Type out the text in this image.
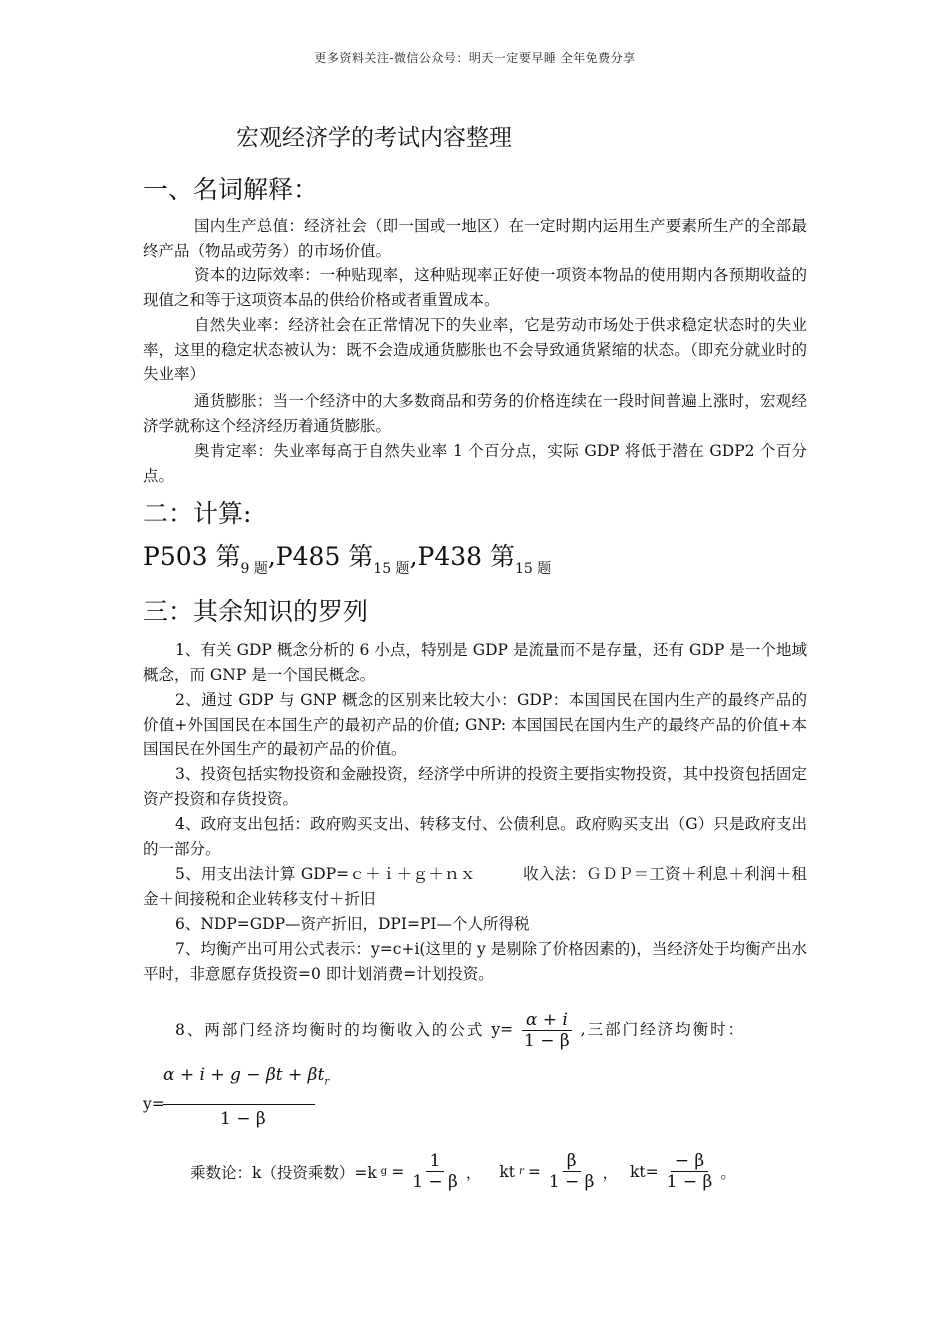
更多资料关注-微信公众号：明天一定要早睡 全年免费分享
宏观经济学的考试内容整理
一、名词解释：
国内生产总值：经济社会（即一国或一地区）在一定时期内运用生产要素所生产的全部最终产品（物品或劳务）的市场价值。
资本的边际效率：一种贴现率，这种贴现率正好使一项资本物品的使用期内各预期收益的现值之和等于这项资本品的供给价格或者重置成本。
自然失业率：经济社会在正常情况下的失业率，它是劳动市场处于供求稳定状态时的失业率，这里的稳定状态被认为：既不会造成通货膨胀也不会导致通货紧缩的状态。（即充分就业时的失业率）
通货膨胀：当一个经济中的大多数商品和劳务的价格连续在一段时间普遍上涨时，宏观经济学就称这个经济经历着通货膨胀。
奥肯定率：失业率每高于自然失业率 1 个百分点，实际 GDP 将低于潜在 GDP2 个百分点。
二：计算:
P503 第$_{9 题}$,P485 第$_{15 题}$,P438 第$_{15 题}$
三：其余知识的罗列
1、有关 GDP 概念分析的 6 小点，特别是 GDP 是流量而不是存量，还有 GDP 是一个地域概念，而 GNP 是一个国民概念。
2、通过 GDP 与 GNP 概念的区别来比较大小：GDP：本国国民在国内生产的最终产品的价值+外国国民在本国生产的最初产品的价值; GNP: 本国国民在国内生产的最终产品的价值+本国国民在外国生产的最初产品的价值。
3、投资包括实物投资和金融投资，经济学中所讲的投资主要指实物投资，其中投资包括固定资产投资和存货投资。
4、政府支出包括：政府购买支出、转移支付、公债利息。政府购买支出（G）只是政府支出的一部分。
5、用支出法计算 GDP=ｃ＋ｉ＋ｇ＋ｎｘ　　　收入法：ＧＤＰ＝工资＋利息＋利润＋租金＋间接税和企业转移支付＋折旧
6、NDP=GDP—资产折旧，DPI=PI—个人所得税
7、均衡产出可用公式表示：y=c+i(这里的 y 是剔除了价格因素的)，当经济处于均衡产出水平时，非意愿存货投资=0 即计划消费=计划投资。
8、两部门经济均衡时的均衡收入的公式 $y= \frac{\alpha + i}{1 - \beta}$ ,三部门经济均衡时：
$\alpha + i + g - \beta t + \beta t_r$
y=
1 − β
乘数论：k（投资乘数）=k $g = \frac{1}{1 - \beta}$ ， kt $r = \frac{\beta}{1 - \beta}$ ， $kt= \frac{- \beta}{1 - \beta}$ 。
